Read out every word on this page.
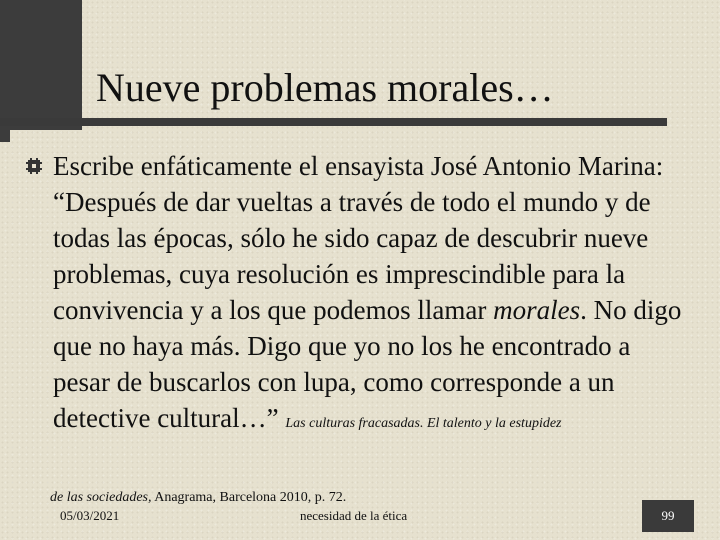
Nueve problemas morales…
Escribe enfáticamente el ensayista José Antonio Marina: “Después de dar vueltas a través de todo el mundo y de todas las épocas, sólo he sido capaz de descubrir nueve problemas, cuya resolución es imprescindible para la convivencia y a los que podemos llamar morales. No digo que no haya más. Digo que yo no los he encontrado a pesar de buscarlos con lupa, como corresponde a un detective cultural…” Las culturas fracasadas. El talento y la estupidez
de las sociedades, Anagrama, Barcelona 2010, p. 72.
05/03/2021	necesidad de la ética	99
